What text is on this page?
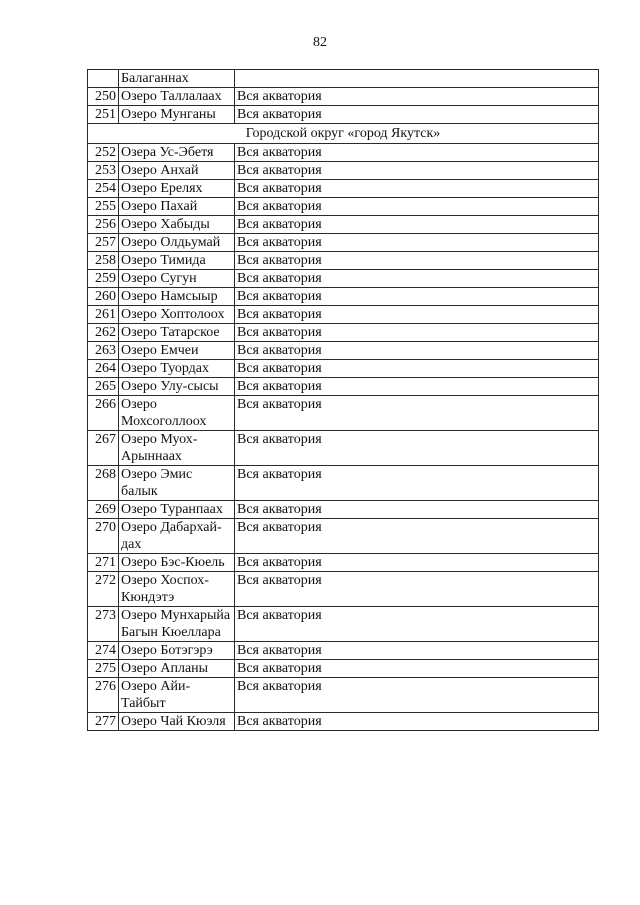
82
	Балаганнах	
250	Озеро Таллалаах	Вся акватория
251	Озеро Мунганы	Вся акватория
Городской округ «город Якутск»		
252	Озера Ус-Эбетя	Вся акватория
253	Озеро Анхай	Вся акватория
254	Озеро Ерелях	Вся акватория
255	Озеро Пахай	Вся акватория
256	Озеро Хабыды	Вся акватория
257	Озеро Олдьумай	Вся акватория
258	Озеро Тимида	Вся акватория
259	Озеро Сугун	Вся акватория
260	Озеро Намсыыр	Вся акватория
261	Озеро Хоптолоох	Вся акватория
262	Озеро Татарское	Вся акватория
263	Озеро Емчеи	Вся акватория
264	Озеро Туордах	Вся акватория
265	Озеро Улу-сысы	Вся акватория
266	Озеро Мохсоголлоох	Вся акватория
267	Озеро Муох-Арыннаах	Вся акватория
268	Озеро Эмис балык	Вся акватория
269	Озеро Туранпаах	Вся акватория
270	Озеро Дабархай-дах	Вся акватория
271	Озеро Бэс-Кюель	Вся акватория
272	Озеро Хоспох-Кюндэтэ	Вся акватория
273	Озеро Мунхарыйа Багын Кюеллара	Вся акватория
274	Озеро Ботэгэрэ	Вся акватория
275	Озеро Апланы	Вся акватория
276	Озеро Айи-Тайбыт	Вся акватория
277	Озеро Чай Кюэля	Вся акватория
